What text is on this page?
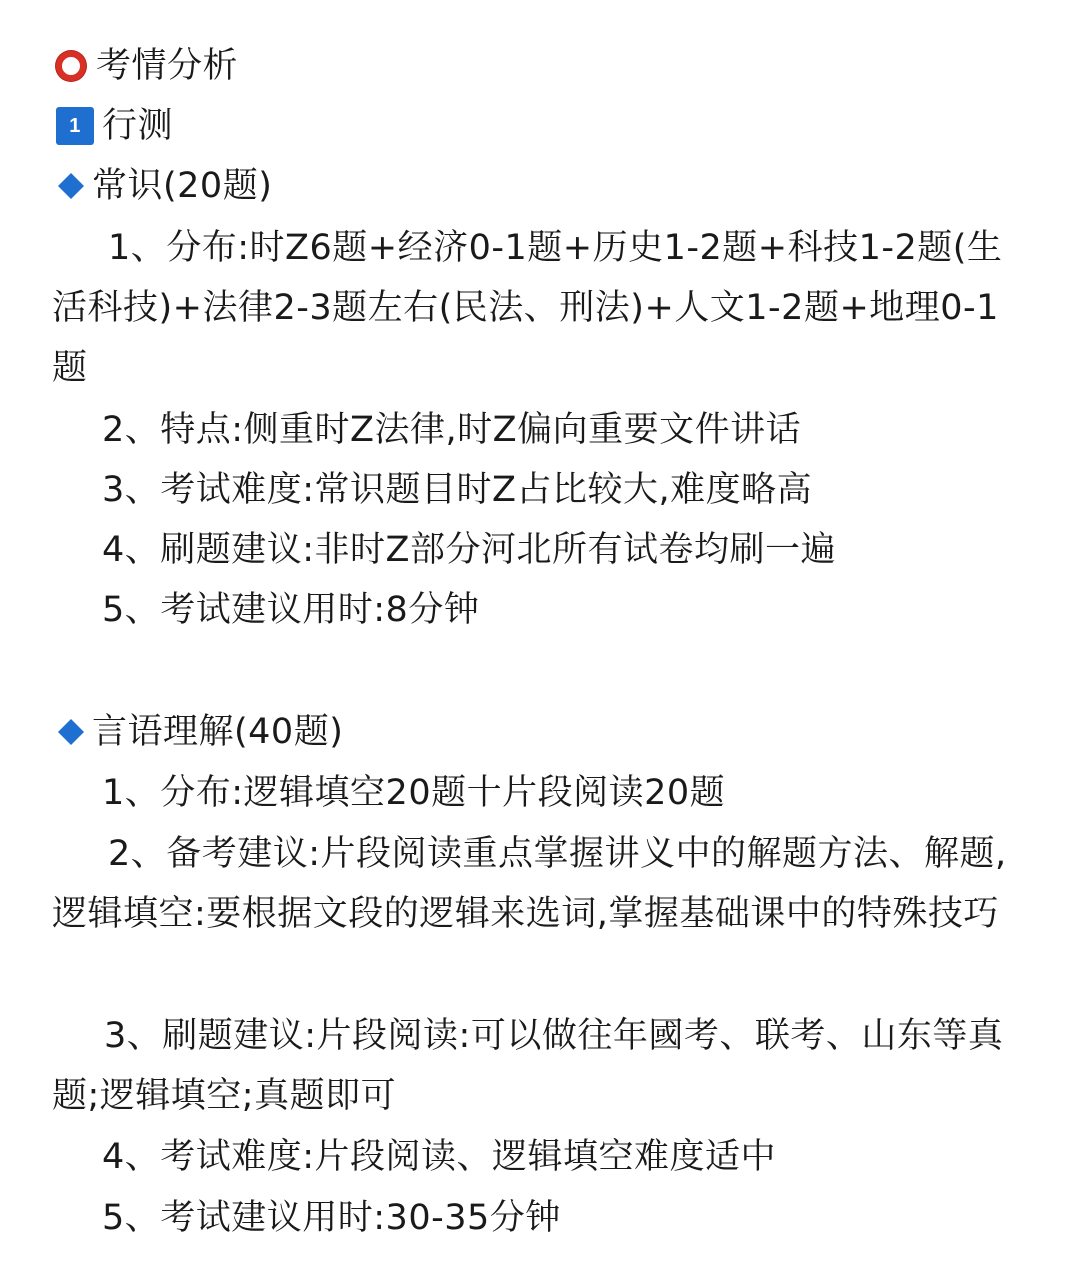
考情分析
1 行测
常识(20题)
1、分布:时Z6题+经济0-1题+历史1-2题+科技1-2题(生活科技)+法律2-3题左右(民法、刑法)+人文1-2题+地理0-1题
2、特点:侧重时Z法律,时Z偏向重要文件讲话
3、考试难度:常识题目时Z占比较大,难度略高
4、刷题建议:非时Z部分河北所有试卷均刷一遍
5、考试建议用时:8分钟
言语理解(40题)
1、分布:逻辑填空20题十片段阅读20题
2、备考建议:片段阅读重点掌握讲义中的解题方法、解题,逻辑填空:要根据文段的逻辑来选词,掌握基础课中的特殊技巧
3、刷题建议:片段阅读:可以做往年國考、联考、山东等真题;逻辑填空;真题即可
4、考试难度:片段阅读、逻辑填空难度适中
5、考试建议用时:30-35分钟
